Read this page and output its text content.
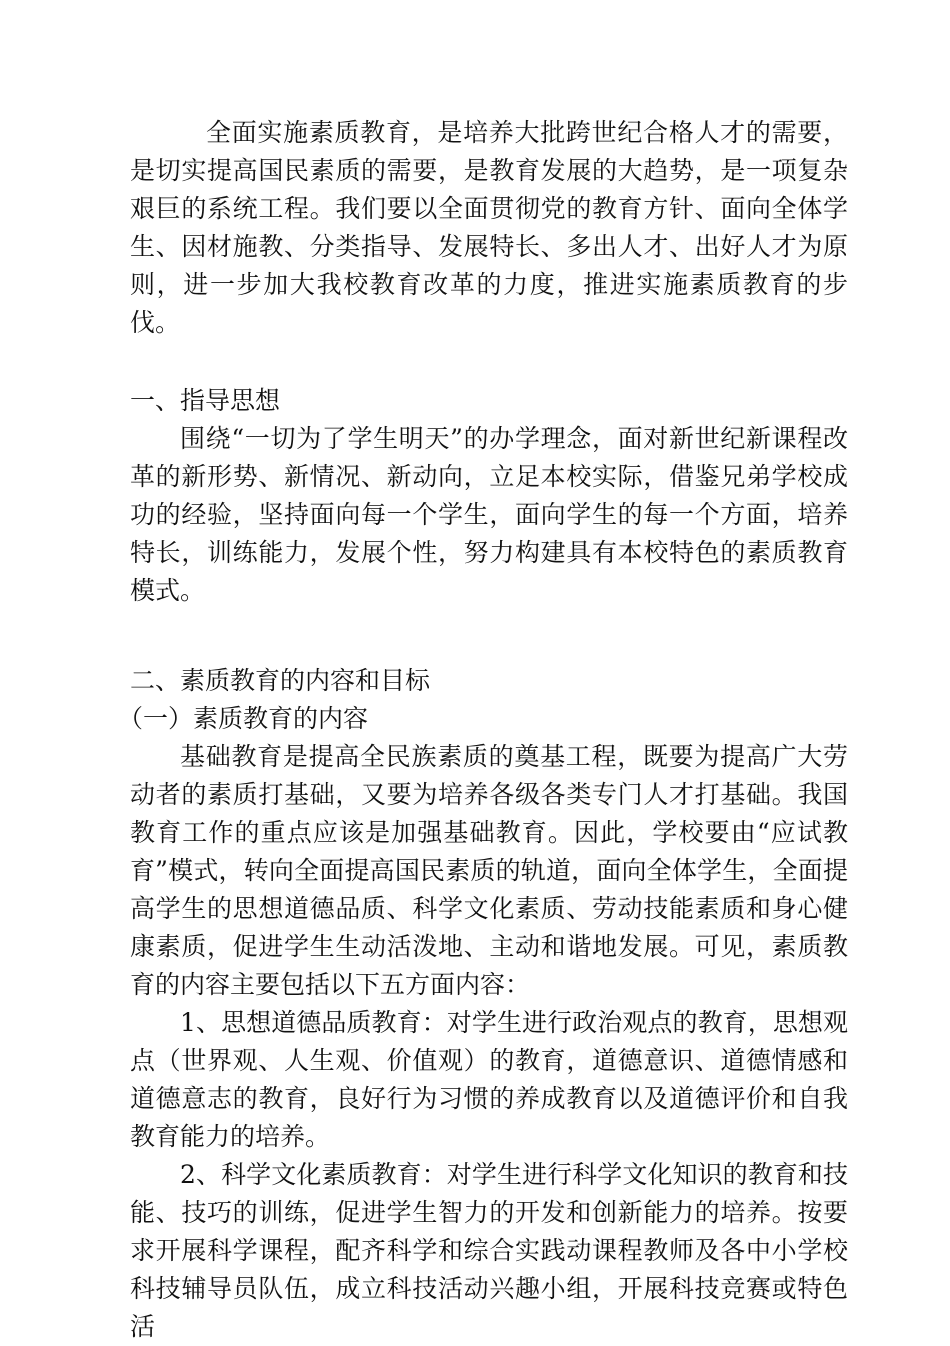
全面实施素质教育，是培养大批跨世纪合格人才的需要，是切实提高国民素质的需要，是教育发展的大趋势，是一项复杂艰巨的系统工程。我们要以全面贯彻党的教育方针、面向全体学生、因材施教、分类指导、发展特长、多出人才、出好人才为原则，进一步加大我校教育改革的力度，推进实施素质教育的步伐。

一、指导思想

围绕“一切为了学生明天”的办学理念，面对新世纪新课程改革的新形势、新情况、新动向，立足本校实际，借鉴兄弟学校成功的经验，坚持面向每一个学生，面向学生的每一个方面，培养特长，训练能力，发展个性，努力构建具有本校特色的素质教育模式。

二、素质教育的内容和目标
（一）素质教育的内容

基础教育是提高全民族素质的奠基工程，既要为提高广大劳动者的素质打基础，又要为培养各级各类专门人才打基础。我国教育工作的重点应该是加强基础教育。因此，学校要由“应试教育”模式，转向全面提高国民素质的轨道，面向全体学生，全面提高学生的思想道德品质、科学文化素质、劳动技能素质和身心健康素质，促进学生生动活泼地、主动和谐地发展。可见，素质教育的内容主要包括以下五方面内容：

1、思想道德品质教育：对学生进行政治观点的教育，思想观点（世界观、人生观、价值观）的教育，道德意识、道德情感和道德意志的教育，良好行为习惯的养成教育以及道德评价和自我教育能力的培养。

2、科学文化素质教育：对学生进行科学文化知识的教育和技能、技巧的训练，促进学生智力的开发和创新能力的培养。按要求开展科学课程，配齐科学和综合实践动课程教师及各中小学校科技辅导员队伍，成立科技活动兴趣小组，开展科技竞赛或特色活
